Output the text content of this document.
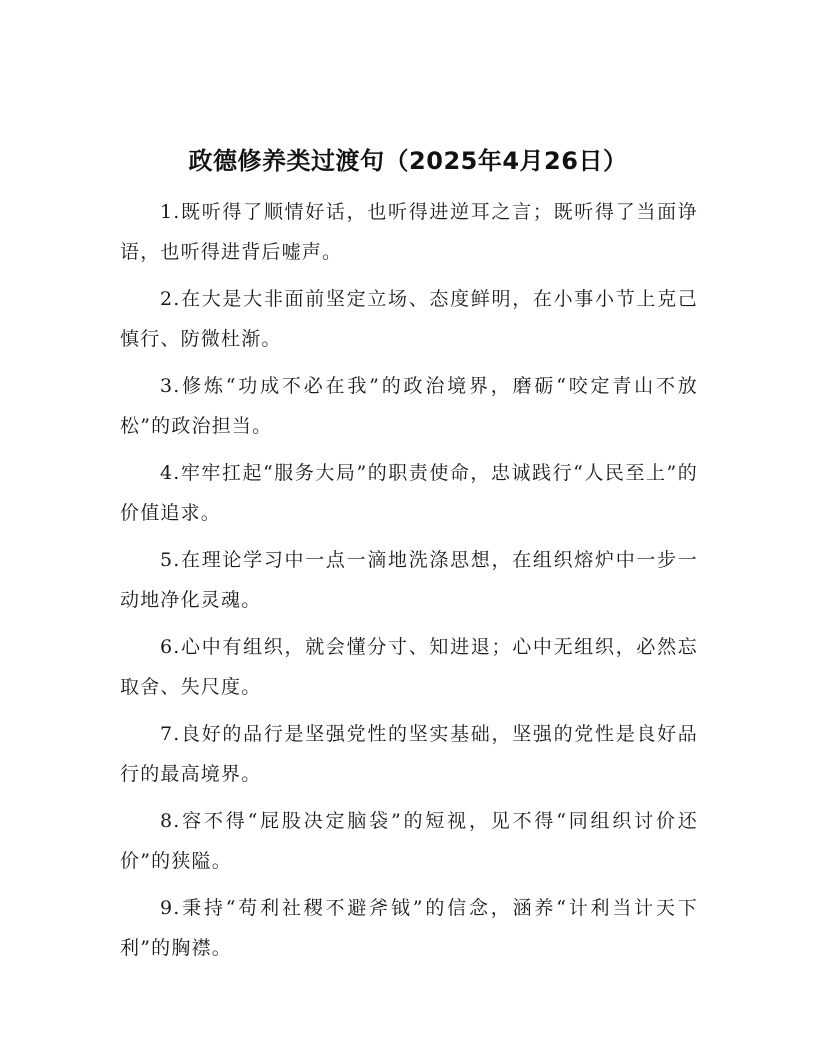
政德修养类过渡句（2025年4月26日）

1.既听得了顺情好话，也听得进逆耳之言；既听得了当面诤语，也听得进背后嘘声。

2.在大是大非面前坚定立场、态度鲜明，在小事小节上克己慎行、防微杜渐。

3.修炼“功成不必在我”的政治境界，磨砺“咬定青山不放松”的政治担当。

4.牢牢扛起“服务大局”的职责使命，忠诚践行“人民至上”的价值追求。

5.在理论学习中一点一滴地洗涤思想，在组织熔炉中一步一动地净化灵魂。

6.心中有组织，就会懂分寸、知进退；心中无组织，必然忘取舍、失尺度。

7.良好的品行是坚强党性的坚实基础，坚强的党性是良好品行的最高境界。

8.容不得“屁股决定脑袋”的短视，见不得“同组织讨价还价”的狭隘。

9.秉持“苟利社稷不避斧钺”的信念，涵养“计利当计天下利”的胸襟。
